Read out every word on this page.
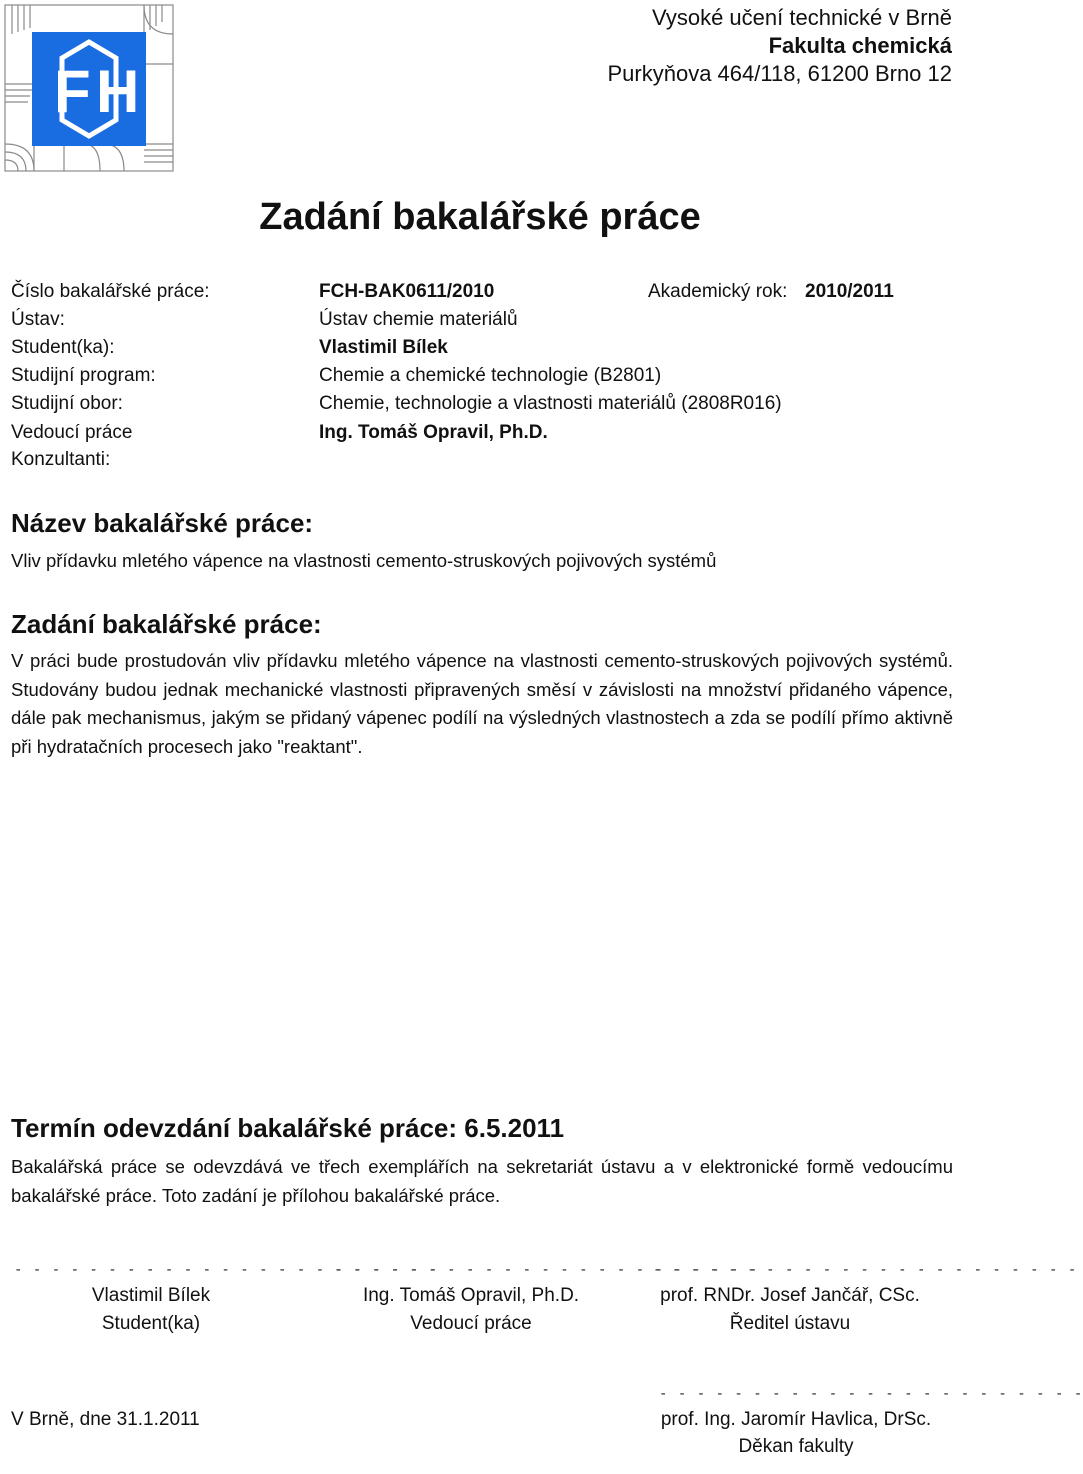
F H
Vysoké učení technické v Brně
Fakulta chemická
Purkyňova 464/118, 61200 Brno 12
Zadání bakalářské práce
Číslo bakalářské práce:	FCH-BAK0611/2010	Akademický rok: 2010/2011
Ústav:	Ústav chemie materiálů
Student(ka):	Vlastimil Bílek
Studijní program:	Chemie a chemické technologie (B2801)
Studijní obor:	Chemie, technologie a vlastnosti materiálů (2808R016)
Vedoucí práce	Ing. Tomáš Opravil, Ph.D.
Konzultanti:
Název bakalářské práce:
Vliv přídavku mletého vápence na vlastnosti cemento-struskových pojivových systémů
Zadání bakalářské práce:
V práci bude prostudován vliv přídavku mletého vápence na vlastnosti cemento-struskových pojivových systémů. Studovány budou jednak mechanické vlastnosti připravených směsí v závislosti na množství přidaného vápence, dále pak mechanismus, jakým se přidaný vápenec podílí na výsledných vlastnostech a zda se podílí přímo aktivně při hydratačních procesech jako "reaktant".
Termín odevzdání bakalářské práce: 6.5.2011
Bakalářská práce se odevzdává ve třech exemplářích na sekretariát ústavu a v elektronické formě vedoucímu bakalářské práce. Toto zadání je přílohou bakalářské práce.
- - - - - - - - - - - - - - - - - - - - - - -
- - - - - - - - - - - - - - - - - - - - - - -
- - - - - - - - - - - - - - - - - - - - - - -
Vlastimil Bílek
Student(ka)
Ing. Tomáš Opravil, Ph.D.
Vedoucí práce
prof. RNDr. Josef Jančář, CSc.
Ředitel ústavu
V Brně, dne 31.1.2011
- - - - - - - - - - - - - - - - - - - - - - -
prof. Ing. Jaromír Havlica, DrSc.
Děkan fakulty
